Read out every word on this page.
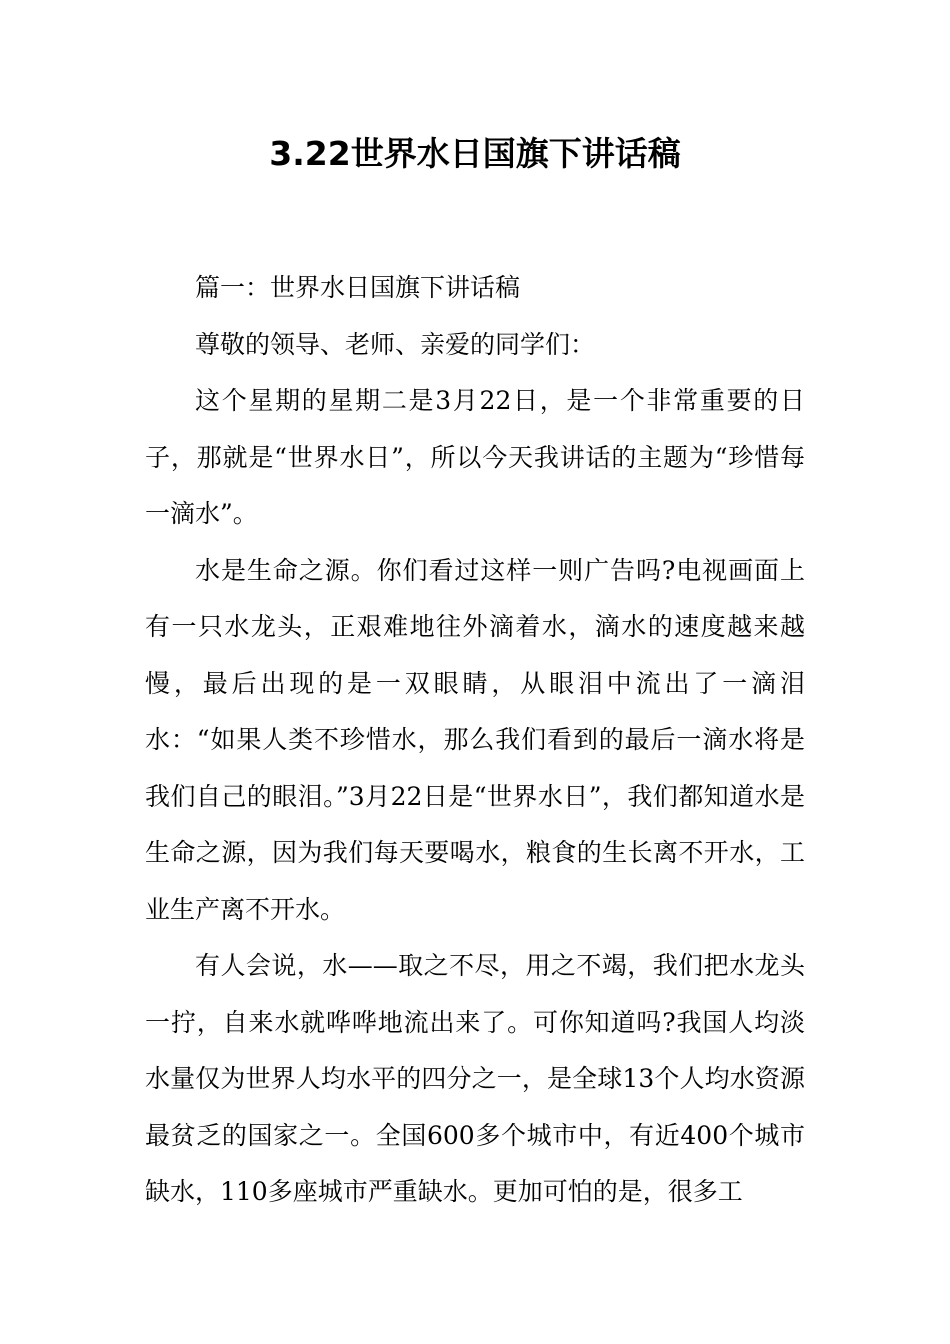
3.22世界水日国旗下讲话稿

篇一：世界水日国旗下讲话稿

尊敬的领导、老师、亲爱的同学们：

这个星期的星期二是3月22日，是一个非常重要的日子，那就是“世界水日”，所以今天我讲话的主题为“珍惜每一滴水”。

水是生命之源。你们看过这样一则广告吗?电视画面上有一只水龙头，正艰难地往外滴着水，滴水的速度越来越慢，最后出现的是一双眼睛，从眼泪中流出了一滴泪水：“如果人类不珍惜水，那么我们看到的最后一滴水将是我们自己的眼泪。”3月22日是“世界水日”，我们都知道水是生命之源，因为我们每天要喝水，粮食的生长离不开水，工业生产离不开水。

有人会说，水——取之不尽，用之不竭，我们把水龙头一拧，自来水就哗哗地流出来了。可你知道吗?我国人均淡水量仅为世界人均水平的四分之一，是全球13个人均水资源最贫乏的国家之一。全国600多个城市中，有近400个城市缺水，110多座城市严重缺水。更加可怕的是，很多工
